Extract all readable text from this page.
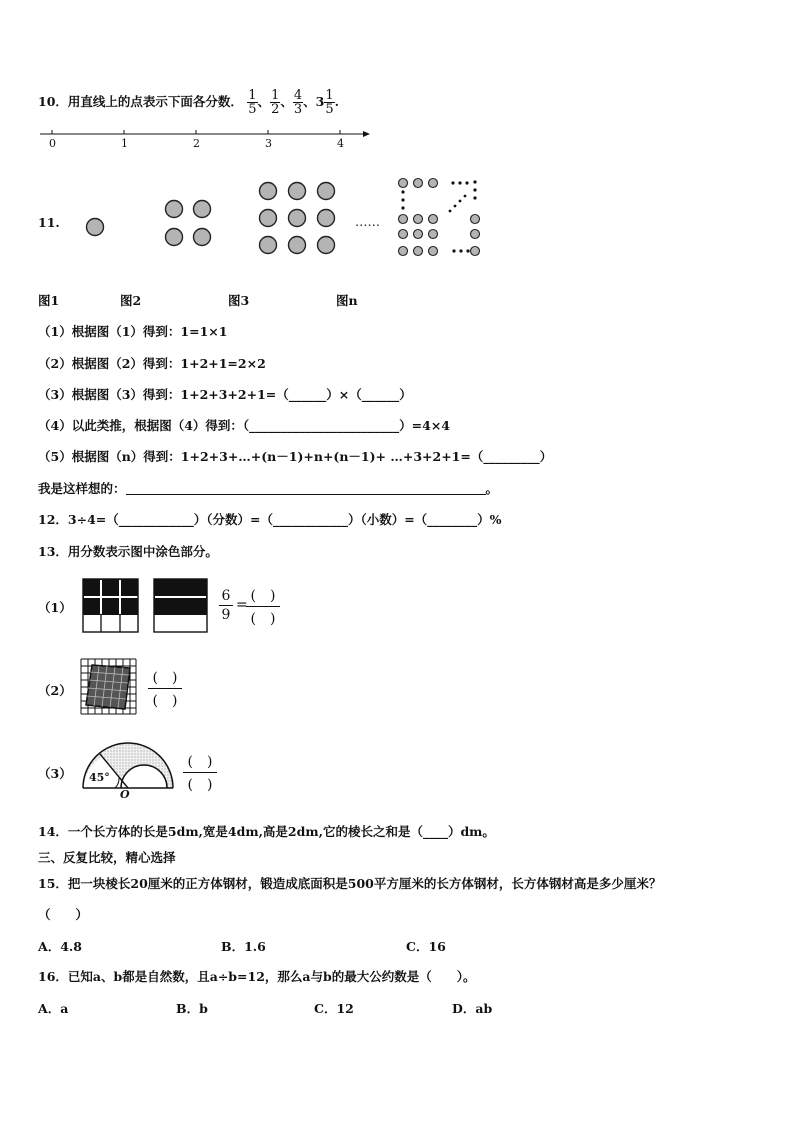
10．用直线上的点表示下面各分数． $\frac{1}{5}$ 、 $\frac{1}{2}$ 、 $\frac{4}{3}$ 、$3 \frac{1}{5}$ .
0	1	2	3	4
11.	……
图1	图2	图3	图n
（1）根据图（1）得到：1=1×1
（2）根据图（2）得到：1+2+1=2×2
（3）根据图（3）得到：1+2+3+2+1=（______）×（______）
（4）以此类推，根据图（4）得到：（________________________）=4×4
（5）根据图（n）得到：1+2+3+…+(n－1)+n+(n－1)+ …+3+2+1=（_________）
我是这样想的：	。
12．3÷4=（____________）（分数）=（____________）（小数）=（________）%
13．用分数表示图中涂色部分。
（1）
6
9
=
(　)
(　)
（2）
(　)
(　)
（3） 45°
O
(　)
(　)
14．一个长方体的长是5dm,宽是4dm,高是2dm,它的棱长之和是（____）dm。
三、反复比较，精心选择
15．把一块棱长20厘米的正方体钢材，锻造成底面积是500平方厘米的长方体钢材，长方体钢材高是多少厘米？
（　　）
A．4.8	B．1.6	C．16
16．已知a、b都是自然数，且a÷b=12，那么a与b的最大公约数是（　　）。
A．a	B．b	C．12	D．ab
